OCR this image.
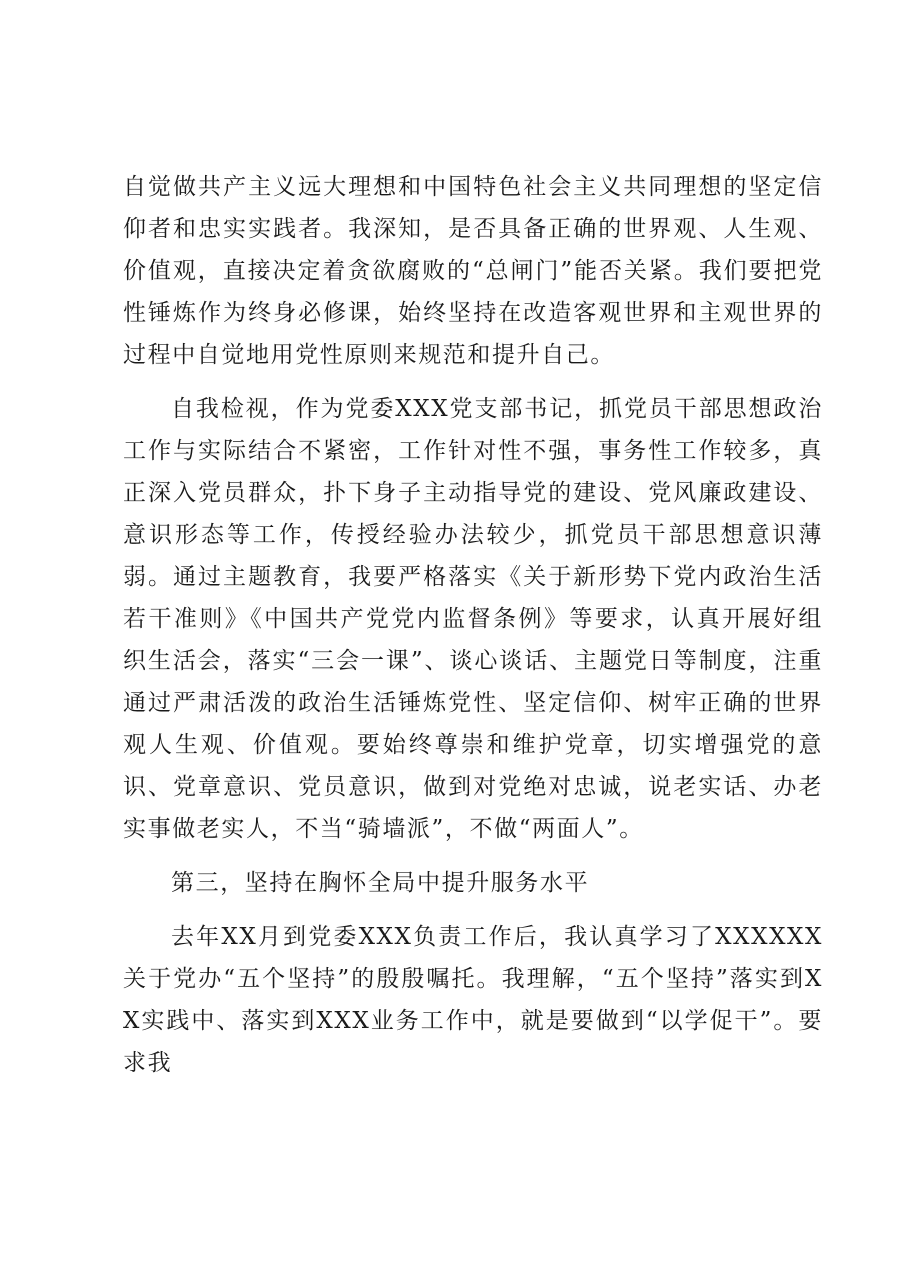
自觉做共产主义远大理想和中国特色社会主义共同理想的坚定信仰者和忠实实践者。我深知，是否具备正确的世界观、人生观、价值观，直接决定着贪欲腐败的“总闸门”能否关紧。我们要把党性锤炼作为终身必修课，始终坚持在改造客观世界和主观世界的过程中自觉地用党性原则来规范和提升自己。

自我检视，作为党委XXX党支部书记，抓党员干部思想政治工作与实际结合不紧密，工作针对性不强，事务性工作较多，真正深入党员群众，扑下身子主动指导党的建设、党风廉政建设、意识形态等工作，传授经验办法较少，抓党员干部思想意识薄弱。通过主题教育，我要严格落实《关于新形势下党内政治生活若干准则》《中国共产党党内监督条例》等要求，认真开展好组织生活会，落实“三会一课”、谈心谈话、主题党日等制度，注重通过严肃活泼的政治生活锤炼党性、坚定信仰、树牢正确的世界观人生观、价值观。要始终尊崇和维护党章，切实增强党的意识、党章意识、党员意识，做到对党绝对忠诚，说老实话、办老实事做老实人，不当“骑墙派”，不做“两面人”。

第三，坚持在胸怀全局中提升服务水平

去年XX月到党委XXX负责工作后，我认真学习了XXXXXX关于党办“五个坚持”的殷殷嘱托。我理解，“五个坚持”落实到XX实践中、落实到XXX业务工作中，就是要做到“以学促干”。要求我
